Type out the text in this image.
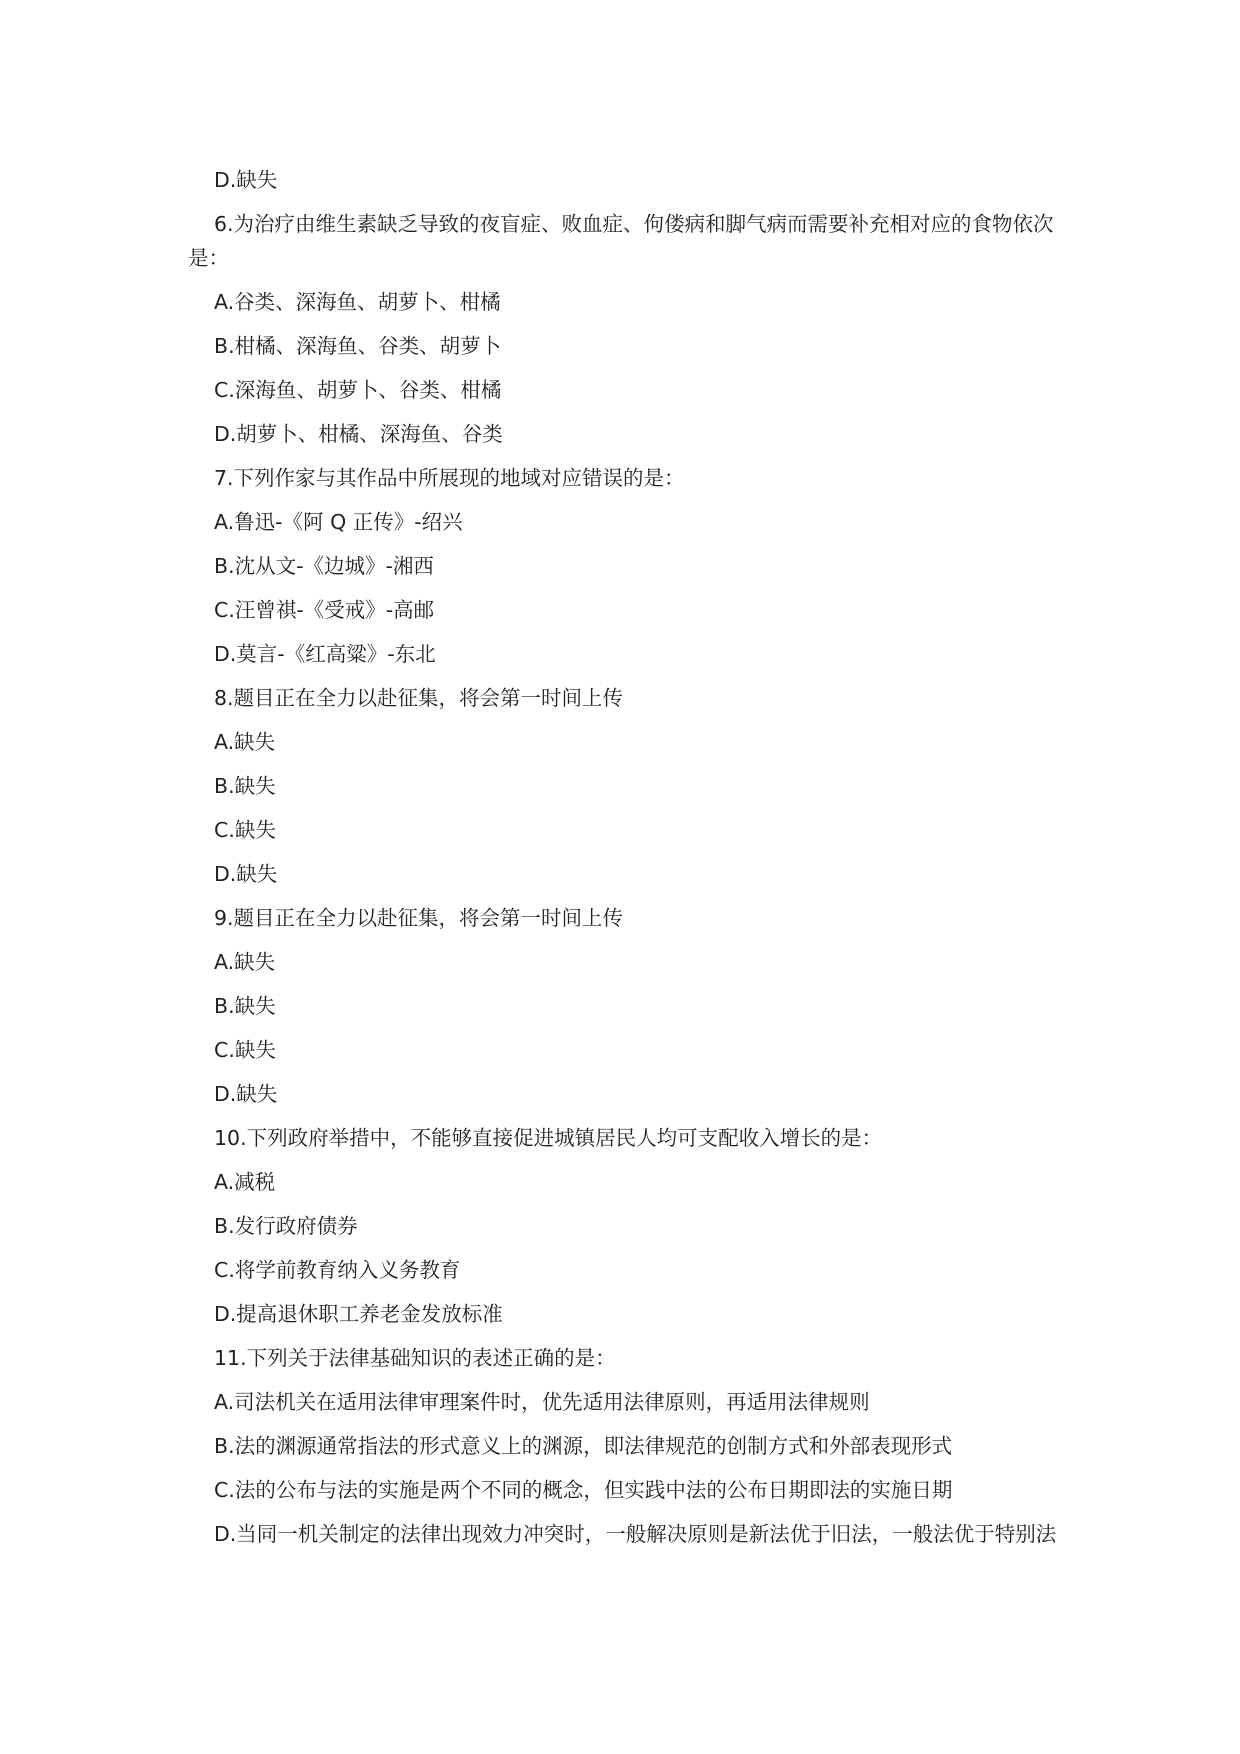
D.缺失

6.为治疗由维生素缺乏导致的夜盲症、败血症、佝偻病和脚气病而需要补充相对应的食物依次是：

A.谷类、深海鱼、胡萝卜、柑橘

B.柑橘、深海鱼、谷类、胡萝卜

C.深海鱼、胡萝卜、谷类、柑橘

D.胡萝卜、柑橘、深海鱼、谷类

7.下列作家与其作品中所展现的地域对应错误的是：

A.鲁迅-《阿 Q 正传》-绍兴

B.沈从文-《边城》-湘西

C.汪曾祺-《受戒》-高邮

D.莫言-《红高粱》-东北

8.题目正在全力以赴征集，将会第一时间上传

A.缺失

B.缺失

C.缺失

D.缺失

9.题目正在全力以赴征集，将会第一时间上传

A.缺失

B.缺失

C.缺失

D.缺失

10.下列政府举措中，不能够直接促进城镇居民人均可支配收入增长的是：

A.减税

B.发行政府债券

C.将学前教育纳入义务教育

D.提高退休职工养老金发放标准

11.下列关于法律基础知识的表述正确的是：

A.司法机关在适用法律审理案件时，优先适用法律原则，再适用法律规则

B.法的渊源通常指法的形式意义上的渊源，即法律规范的创制方式和外部表现形式

C.法的公布与法的实施是两个不同的概念，但实践中法的公布日期即法的实施日期

D.当同一机关制定的法律出现效力冲突时，一般解决原则是新法优于旧法，一般法优于特别法
